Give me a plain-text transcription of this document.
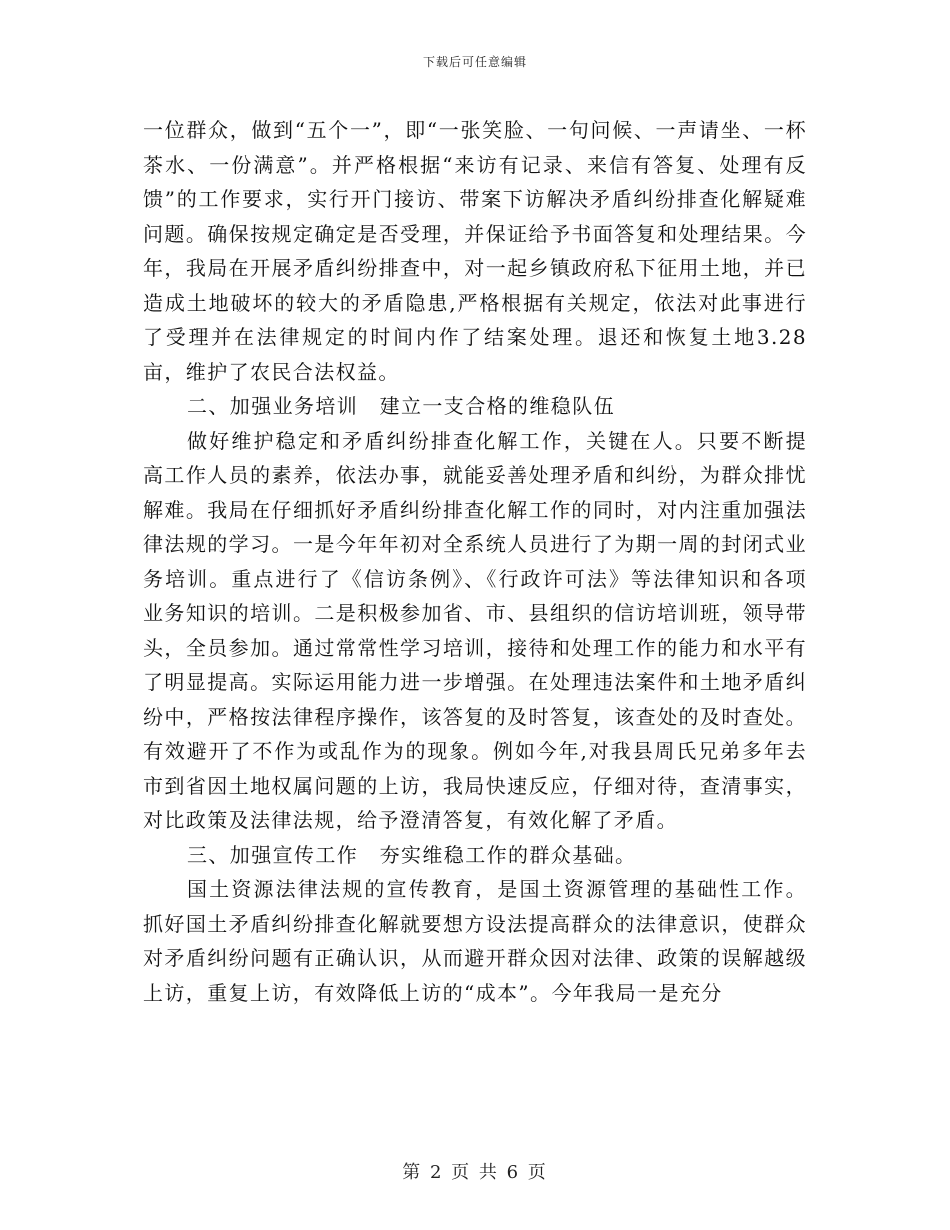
下载后可任意编辑

一位群众，做到“五个一”，即“一张笑脸、一句问候、一声请坐、一杯茶水、一份满意”。并严格根据“来访有记录、来信有答复、处理有反馈”的工作要求，实行开门接访、带案下访解决矛盾纠纷排查化解疑难问题。确保按规定确定是否受理，并保证给予书面答复和处理结果。今年，我局在开展矛盾纠纷排查中，对一起乡镇政府私下征用土地，并已造成土地破坏的较大的矛盾隐患,严格根据有关规定，依法对此事进行了受理并在法律规定的时间内作了结案处理。退还和恢复土地3.28亩，维护了农民合法权益。

二、加强业务培训　建立一支合格的维稳队伍

做好维护稳定和矛盾纠纷排查化解工作，关键在人。只要不断提高工作人员的素养，依法办事，就能妥善处理矛盾和纠纷，为群众排忧解难。我局在仔细抓好矛盾纠纷排查化解工作的同时，对内注重加强法律法规的学习。一是今年年初对全系统人员进行了为期一周的封闭式业务培训。重点进行了《信访条例》、《行政许可法》等法律知识和各项业务知识的培训。二是积极参加省、市、县组织的信访培训班，领导带头，全员参加。通过常常性学习培训，接待和处理工作的能力和水平有了明显提高。实际运用能力进一步增强。在处理违法案件和土地矛盾纠纷中，严格按法律程序操作，该答复的及时答复，该查处的及时查处。有效避开了不作为或乱作为的现象。例如今年,对我县周氏兄弟多年去市到省因土地权属问题的上访，我局快速反应，仔细对待，查清事实，对比政策及法律法规，给予澄清答复，有效化解了矛盾。

三、加强宣传工作　夯实维稳工作的群众基础。

国土资源法律法规的宣传教育，是国土资源管理的基础性工作。抓好国土矛盾纠纷排查化解就要想方设法提高群众的法律意识，使群众对矛盾纠纷问题有正确认识，从而避开群众因对法律、政策的误解越级上访，重复上访，有效降低上访的“成本”。今年我局一是充分

第 2 页 共 6 页
